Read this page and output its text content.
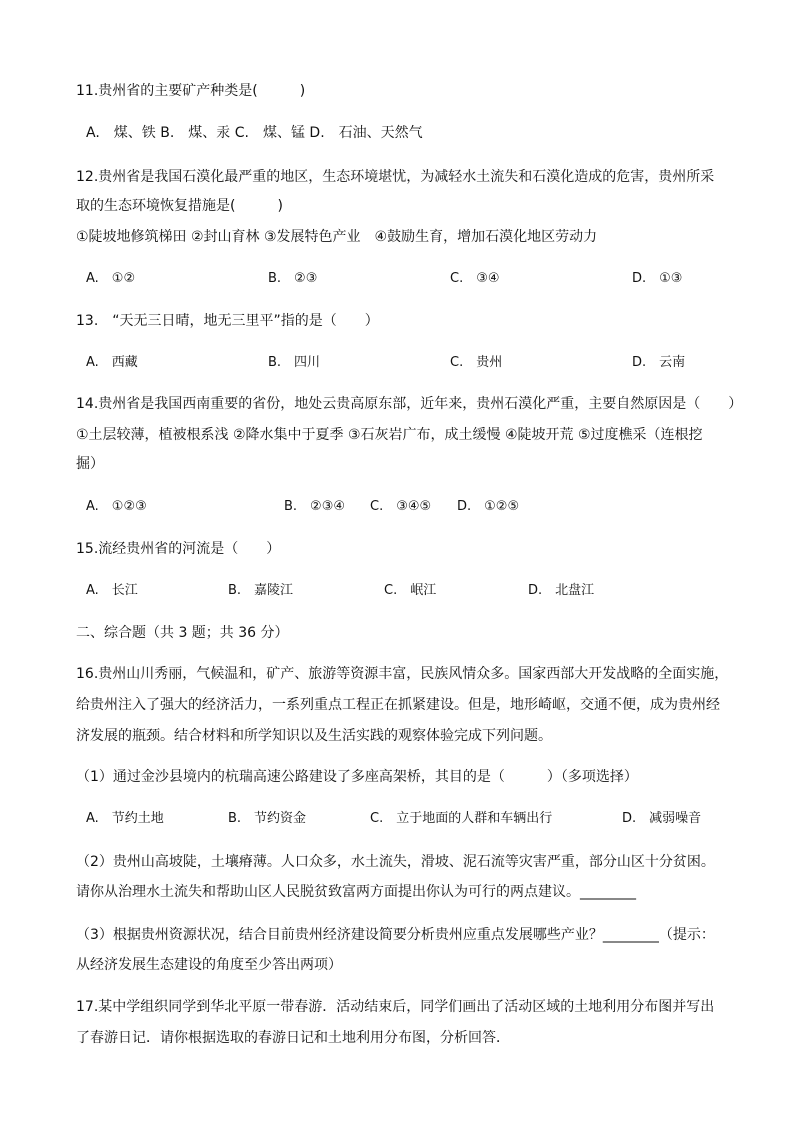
11.贵州省的主要矿产种类是(　　　)
A.　煤、铁 B.　煤、汞 C.　煤、锰 D.　石油、天然气
12.贵州省是我国石漠化最严重的地区，生态环境堪忧，为减轻水土流失和石漠化造成的危害，贵州所采
取的生态环境恢复措施是(　　　)
①陡坡地修筑梯田 ②封山育林 ③发展特色产业　④鼓励生育，增加石漠化地区劳动力
A.　①②	B.　②③	C.　③④	D.　①③
13.　“天无三日晴，地无三里平”指的是（　　）
A.　西藏	B.　四川	C.　贵州	D.　云南
14.贵州省是我国西南重要的省份，地处云贵高原东部，近年来，贵州石漠化严重，主要自然原因是（　　）
①土层较薄，植被根系浅 ②降水集中于夏季 ③石灰岩广布，成土缓慢 ④陡坡开荒 ⑤过度樵采（连根挖
掘）
A.　①②③	B.　②③④ C.　③④⑤ D.　①②⑤
15.流经贵州省的河流是（　　）
A.　长江	B.　嘉陵江	C.　岷江	D.　北盘江
二、综合题（共 3 题；共 36 分）
16.贵州山川秀丽，气候温和，矿产、旅游等资源丰富，民族风情众多。国家西部大开发战略的全面实施，
给贵州注入了强大的经济活力，一系列重点工程正在抓紧建设。但是，地形崎岖，交通不便，成为贵州经
济发展的瓶颈。结合材料和所学知识以及生活实践的观察体验完成下列问题。
（1）通过金沙县境内的杭瑞高速公路建设了多座高架桥，其目的是（　　　）（多项选择）
A.　节约土地	B.　节约资金	C.　立于地面的人群和车辆出行	D.　减弱噪音
（2）贵州山高坡陡，土壤瘠薄。人口众多，水土流失，滑坡、泥石流等灾害严重，部分山区十分贫困。
请你从治理水土流失和帮助山区人民脱贫致富两方面提出你认为可行的两点建议。________
（3）根据贵州资源状况，结合目前贵州经济建设简要分析贵州应重点发展哪些产业？________（提示：
从经济发展生态建设的角度至少答出两项）
17.某中学组织同学到华北平原一带春游．活动结束后，同学们画出了活动区域的土地利用分布图并写出
了春游日记．请你根据选取的春游日记和土地利用分布图，分析回答．
